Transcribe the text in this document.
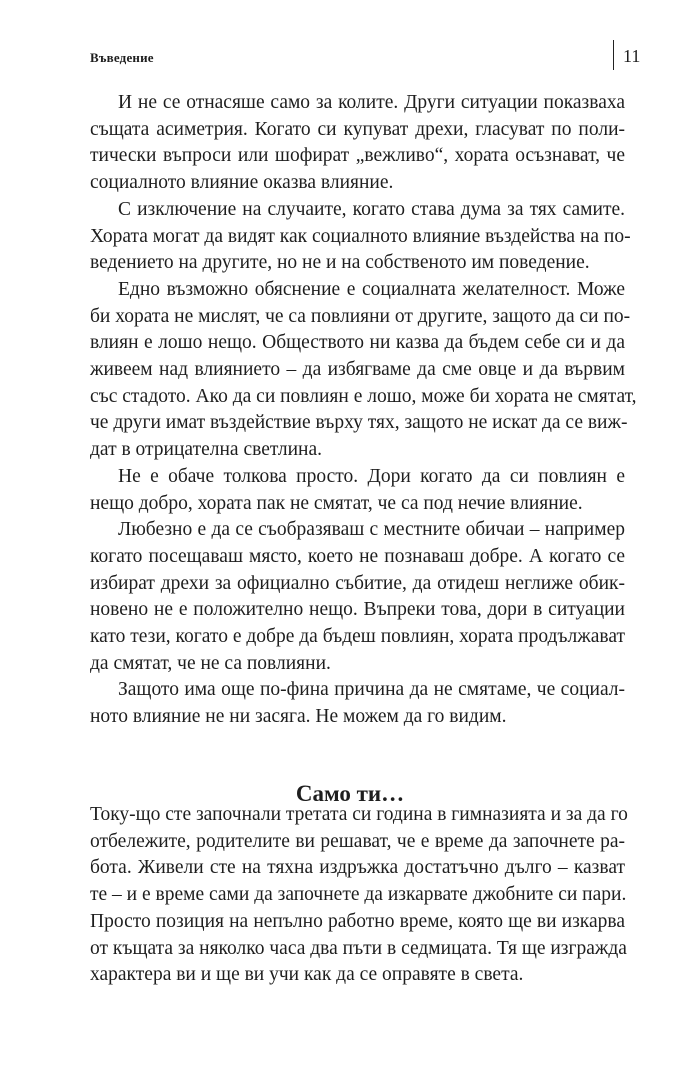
Въведение	11

И не се отнасяше само за колите. Други ситуации показваха
същата асиметрия. Когато си купуват дрехи, гласуват по поли-
тически въпроси или шофират „вежливо“, хората осъзнават, че
социалното влияние оказва влияние.

С изключение на случаите, когато става дума за тях самите.
Хората могат да видят как социалното влияние въздейства на по-
ведението на другите, но не и на собственото им поведение.

Едно възможно обяснение е социалната желателност. Може
би хората не мислят, че са повлияни от другите, защото да си по-
влиян е лошо нещо. Обществото ни казва да бъдем себе си и да
живеем над влиянието – да избягваме да сме овце и да вървим
със стадото. Ако да си повлиян е лошо, може би хората не смятат,
че други имат въздействие върху тях, защото не искат да се виж-
дат в отрицателна светлина.

Не е обаче толкова просто. Дори когато да си повлиян е
нещо добро, хората пак не смятат, че са под нечие влияние.

Любезно е да се съобразяваш с местните обичаи – например
когато посещаваш място, което не познаваш добре. А когато се
избират дрехи за официално събитие, да отидеш неглиже обик-
новено не е положително нещо. Въпреки това, дори в ситуации
като тези, когато е добре да бъдеш повлиян, хората продължават
да смятат, че не са повлияни.

Защото има още по-фина причина да не смятаме, че социал-
ното влияние не ни засяга. Не можем да го видим.

Само ти…

Току-що сте започнали третата си година в гимназията и за да го
отбележите, родителите ви решават, че е време да започнете ра-
бота. Живели сте на тяхна издръжка достатъчно дълго – казват
те – и е време сами да започнете да изкарвате джобните си пари.
Просто позиция на непълно работно време, която ще ви изкарва
от къщата за няколко часа два пъти в седмицата. Тя ще изгражда
характера ви и ще ви учи как да се оправяте в света.
